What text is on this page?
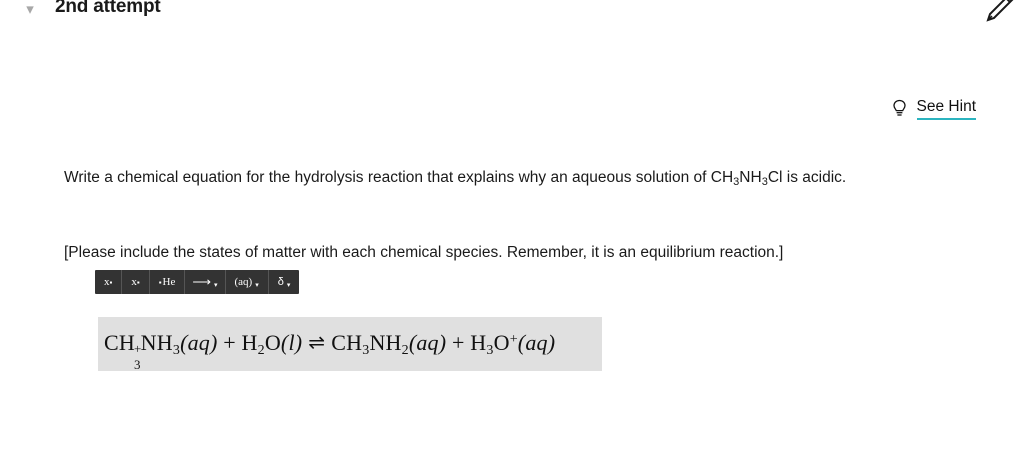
▾ 2nd attempt
See Hint
Write a chemical equation for the hydrolysis reaction that explains why an aqueous solution of $CH_3NH_3Cl$ is acidic.
[Please include the states of matter with each chemical species. Remember, it is an equilibrium reaction.]
x ▪ x ▪ ▪ He ⟶ ▾ (aq) ▾ δ ▾
CH +
3
$NH_3(aq) + H_2O(l)$ ⇌ $CH_3NH_2(aq) + H_3O^+(aq)$
